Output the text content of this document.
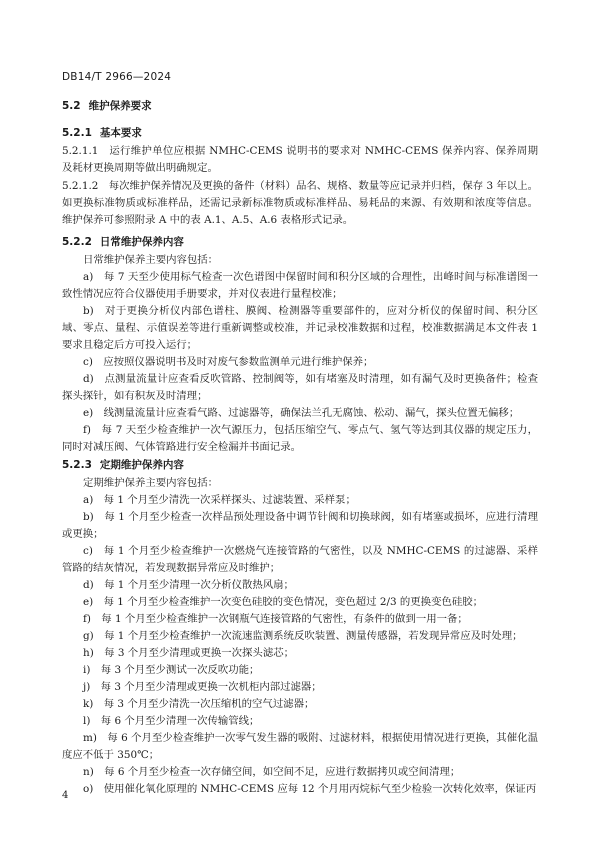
DB14/T 2966—2024
5.2 维护保养要求
5.2.1 基本要求
5.2.1.1　运行维护单位应根据 NMHC-CEMS 说明书的要求对 NMHC-CEMS 保养内容、保养周期及耗材更换周期等做出明确规定。
5.2.1.2　每次维护保养情况及更换的备件（材料）品名、规格、数量等应记录并归档，保存 3 年以上。如更换标准物质或标准样品，还需记录新标准物质或标准样品、易耗品的来源、有效期和浓度等信息。维护保养可参照附录 A 中的表 A.1、A.5、A.6 表格形式记录。
5.2.2 日常维护保养内容
日常维护保养主要内容包括：
a)　每 7 天至少使用标气检查一次色谱图中保留时间和积分区域的合理性，出峰时间与标准谱图一致性情况应符合仪器使用手册要求，并对仪表进行量程校准；
b)　对于更换分析仪内部色谱柱、膜阀、检测器等重要部件的，应对分析仪的保留时间、积分区域、零点、量程、示值误差等进行重新调整或校准，并记录校准数据和过程，校准数据满足本文件表 1 要求且稳定后方可投入运行；
c)　应按照仪器说明书及时对废气参数监测单元进行维护保养；
d)　点测量流量计应查看反吹管路、控制阀等，如有堵塞及时清理，如有漏气及时更换备件；检查探头探针，如有积灰及时清理；
e)　线测量流量计应查看气路、过滤器等，确保法兰孔无腐蚀、松动、漏气，探头位置无偏移；
f)　每 7 天至少检查维护一次气源压力，包括压缩空气、零点气、氢气等达到其仪器的规定压力，同时对减压阀、气体管路进行安全检漏并书面记录。
5.2.3 定期维护保养内容
定期维护保养主要内容包括：
a)　每 1 个月至少清洗一次采样探头、过滤装置、采样泵；
b)　每 1 个月至少检查一次样品预处理设备中调节针阀和切换球阀，如有堵塞或损坏，应进行清理或更换；
c)　每 1 个月至少检查维护一次燃烧气连接管路的气密性，以及 NMHC-CEMS 的过滤器、采样管路的结灰情况，若发现数据异常应及时维护；
d)　每 1 个月至少清理一次分析仪散热风扇；
e)　每 1 个月至少检查维护一次变色硅胶的变色情况，变色超过 2/3 的更换变色硅胶；
f)　每 1 个月至少检查维护一次钢瓶气连接管路的气密性，有条件的做到一用一备；
g)　每 1 个月至少检查维护一次流速监测系统反吹装置、测量传感器，若发现异常应及时处理；
h)　每 3 个月至少清理或更换一次探头滤芯；
i)　每 3 个月至少测试一次反吹功能；
j)　每 3 个月至少清理或更换一次机柜内部过滤器；
k)　每 3 个月至少清洗一次压缩机的空气过滤器；
l)　每 6 个月至少清理一次传输管线；
m)　每 6 个月至少检查维护一次零气发生器的吸附、过滤材料，根据使用情况进行更换，其催化温度应不低于 350℃；
n)　每 6 个月至少检查一次存储空间，如空间不足，应进行数据拷贝或空间清理；
o)　使用催化氧化原理的 NMHC-CEMS 应每 12 个月用丙烷标气至少检验一次转化效率，保证丙
4
